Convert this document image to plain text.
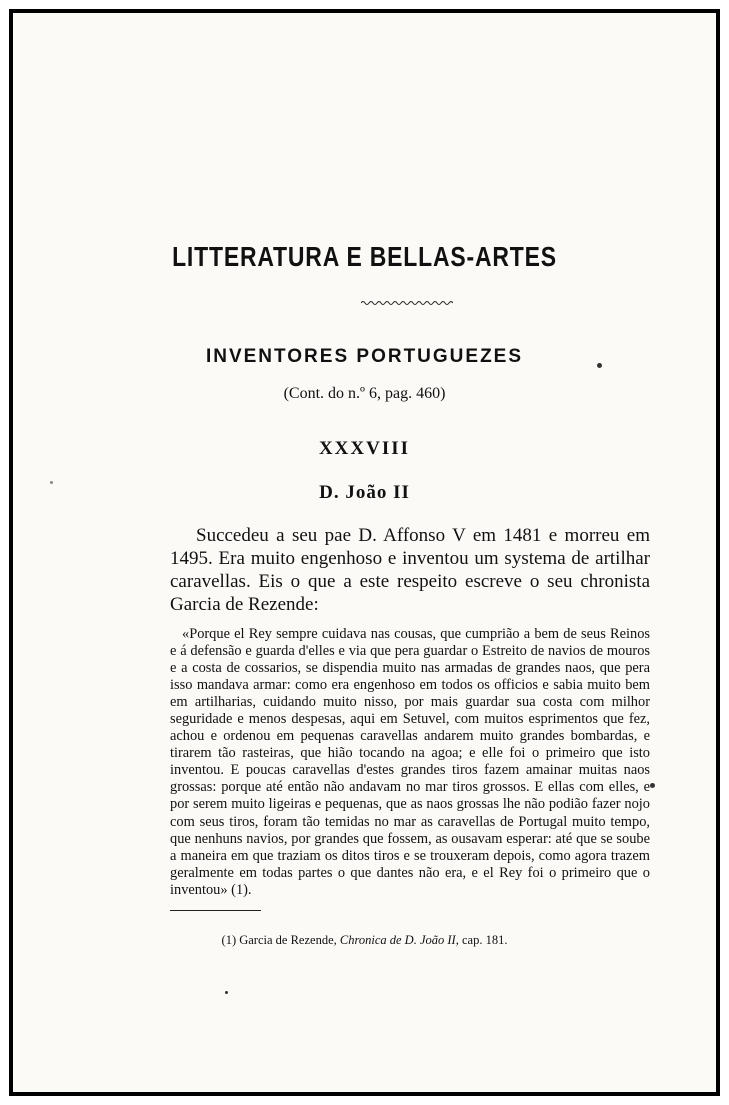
LITTERATURA E BELLAS-ARTES
INVENTORES PORTUGUEZES
(Cont. do n.º 6, pag. 460)
XXXVIII
D. João II

Succedeu a seu pae D. Affonso V em 1481 e morreu em 1495. Era muito engenhoso e inventou um systema de artilhar caravellas. Eis o que a este respeito escreve o seu chronista Garcia de Rezende:

«Porque el Rey sempre cuidava nas cousas, que cumprião a bem de seus Reinos e á defensão e guarda d'elles e via que pera guardar o Estreito de navios de mouros e a costa de cossarios, se dispendia muito nas armadas de grandes naos, que pera isso mandava armar: como era engenhoso em todos os officios e sabia muito bem em artilharias, cuidando muito nisso, por mais guardar sua costa com milhor seguridade e menos despesas, aqui em Setuvel, com muitos esprimentos que fez, achou e ordenou em pequenas caravellas andarem muito grandes bombardas, e tirarem tão rasteiras, que hião tocando na agoa; e elle foi o primeiro que isto inventou. E poucas caravellas d'estes grandes tiros fazem amainar muitas naos grossas: porque até então não andavam no mar tiros grossos. E ellas com elles, e por serem muito ligeiras e pequenas, que as naos grossas lhe não podião fazer nojo com seus tiros, foram tão temidas no mar as caravellas de Portugal muito tempo, que nenhuns navios, por grandes que fossem, as ousavam esperar: até que se soube a maneira em que traziam os ditos tiros e se trouxeram depois, como agora trazem geralmente em todas partes o que dantes não era, e el Rey foi o primeiro que o inventou» (1).

(1) Garcia de Rezende, Chronica de D. João II, cap. 181.
